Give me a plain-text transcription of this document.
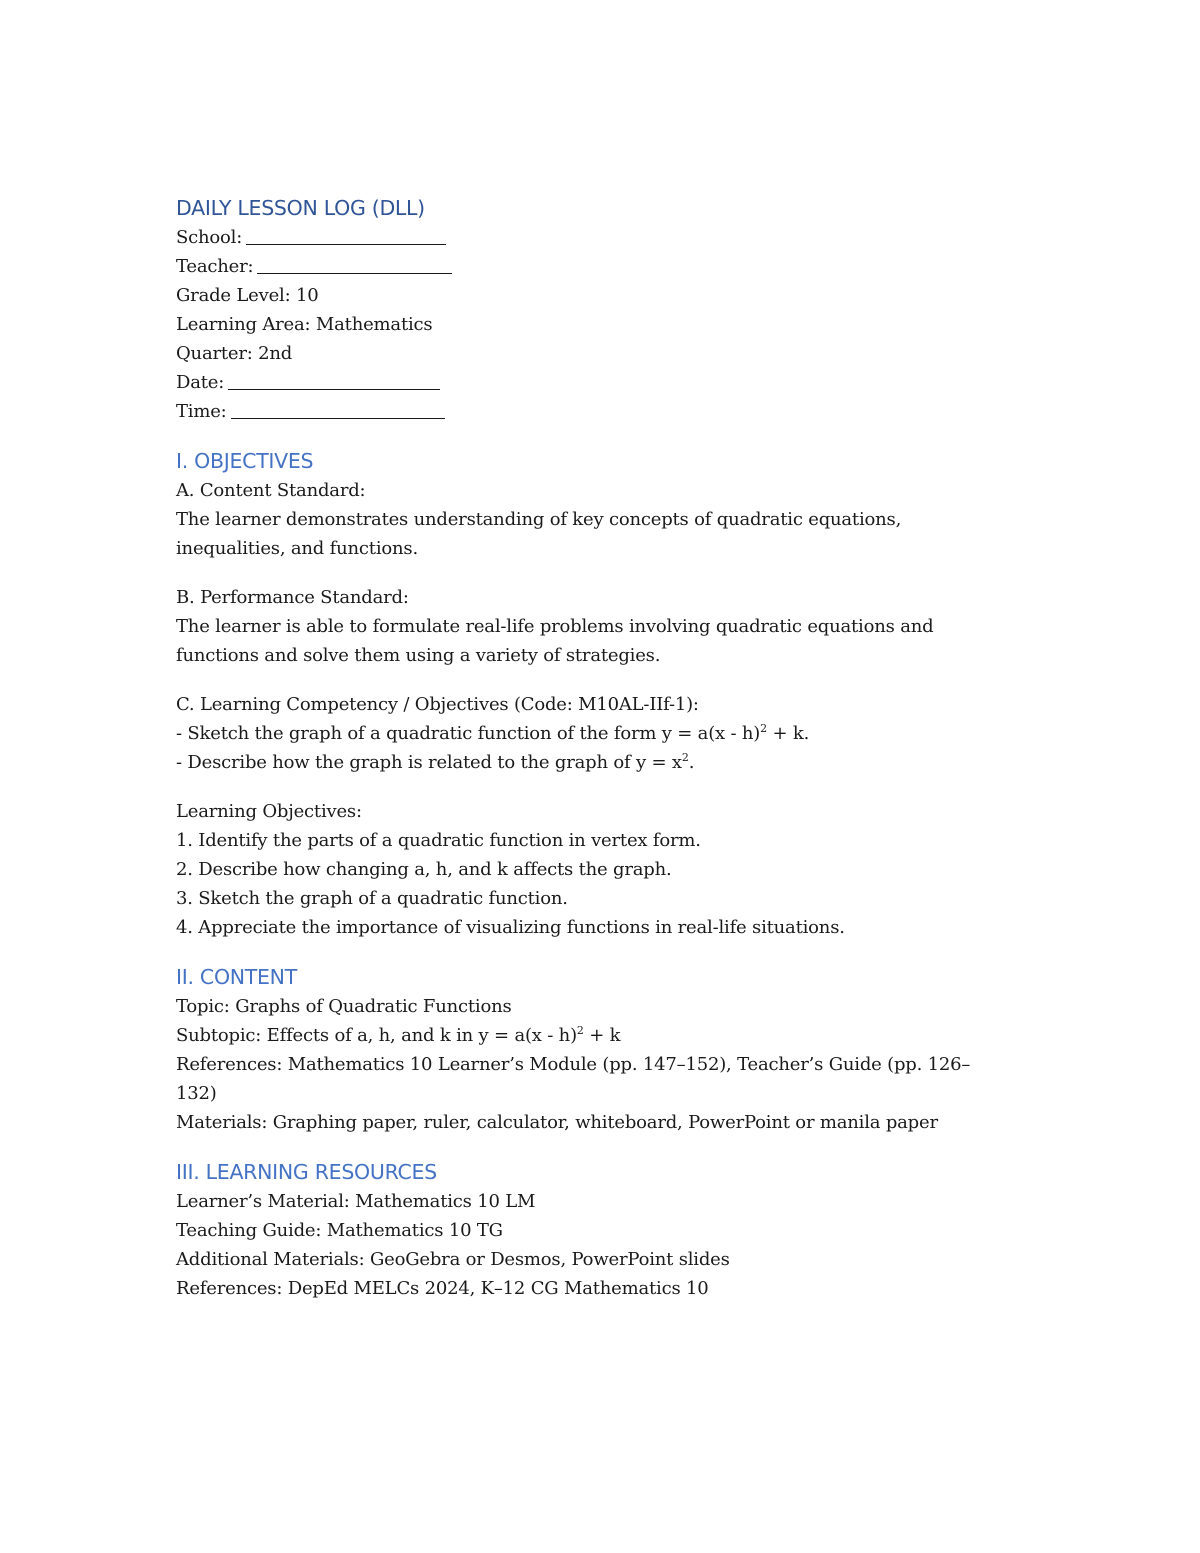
DAILY LESSON LOG (DLL)
School:
Teacher:
Grade Level: 10
Learning Area: Mathematics
Quarter: 2nd
Date:
Time:
I. OBJECTIVES
A. Content Standard:
The learner demonstrates understanding of key concepts of quadratic equations, inequalities, and functions.
B. Performance Standard:
The learner is able to formulate real-life problems involving quadratic equations and functions and solve them using a variety of strategies.
C. Learning Competency / Objectives (Code: M10AL-IIf-1):
- Sketch the graph of a quadratic function of the form y = a(x - h)$^2$ + k.
- Describe how the graph is related to the graph of $y = x^2$.
Learning Objectives:
1. Identify the parts of a quadratic function in vertex form.
2. Describe how changing a, h, and k affects the graph.
3. Sketch the graph of a quadratic function.
4. Appreciate the importance of visualizing functions in real-life situations.
II. CONTENT
Topic: Graphs of Quadratic Functions
Subtopic: Effects of a, h, and k in y = a(x - h)$^2$ + k
References: Mathematics 10 Learner’s Module (pp. 147–152), Teacher’s Guide (pp. 126–
132)
Materials: Graphing paper, ruler, calculator, whiteboard, PowerPoint or manila paper
III. LEARNING RESOURCES
Learner’s Material: Mathematics 10 LM
Teaching Guide: Mathematics 10 TG
Additional Materials: GeoGebra or Desmos, PowerPoint slides
References: DepEd MELCs 2024, K–12 CG Mathematics 10
